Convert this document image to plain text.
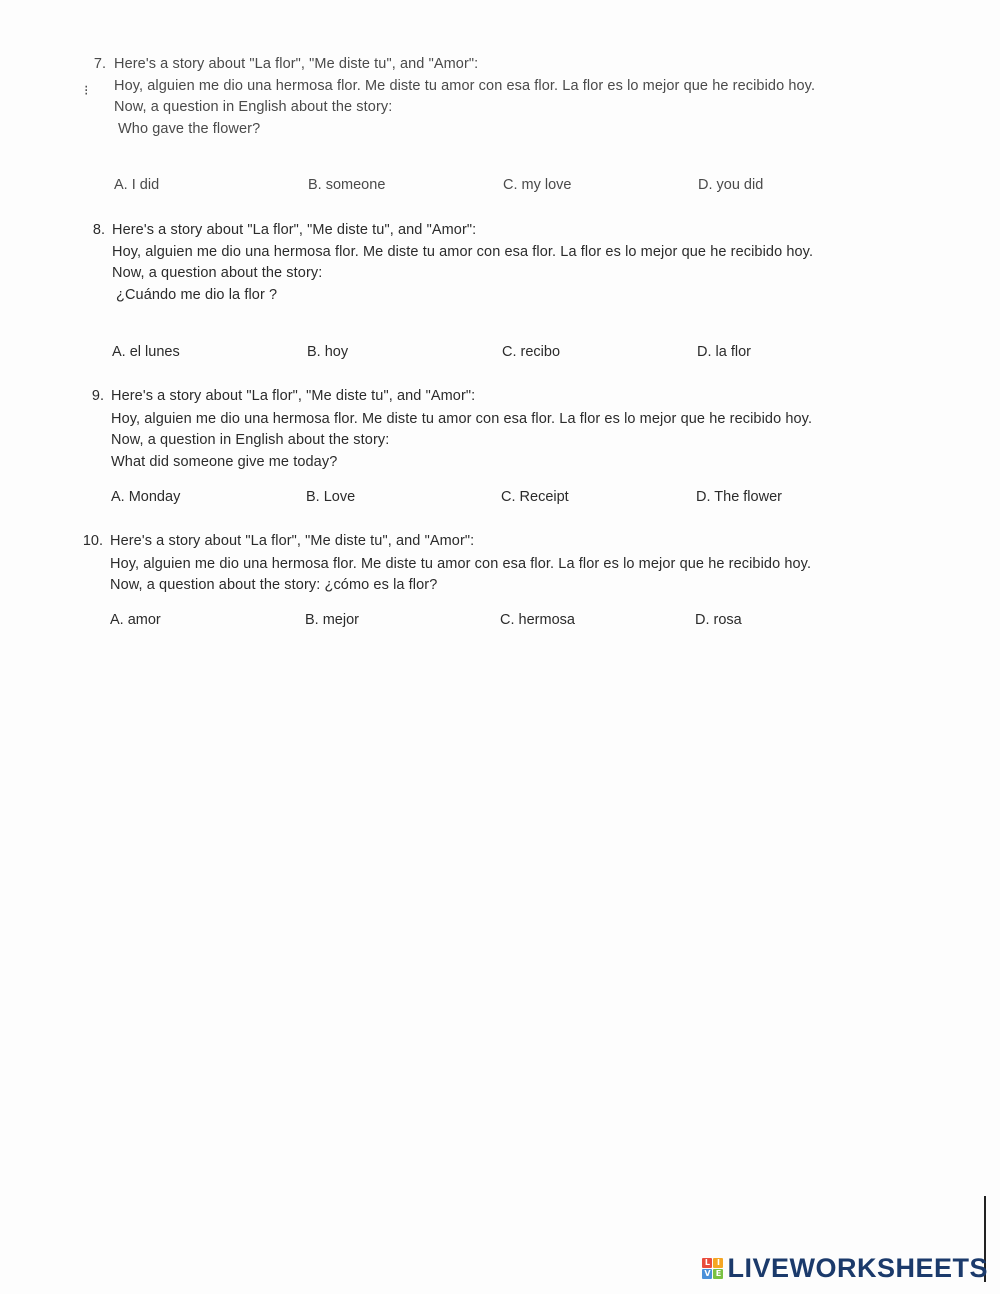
⁝
7. Here's a story about "La flor", "Me diste tu", and "Amor":
Hoy, alguien me dio una hermosa flor. Me diste tu amor con esa flor. La flor es lo mejor que he recibido hoy.
Now, a question in English about the story:
Who gave the flower?
A. I did	B. someone	C. my love	D. you did
8. Here's a story about "La flor", "Me diste tu", and "Amor":
Hoy, alguien me dio una hermosa flor. Me diste tu amor con esa flor. La flor es lo mejor que he recibido hoy.
Now, a question about the story:
¿Cuándo me dio la flor ?
A. el lunes	B. hoy	C. recibo	D. la flor
9. Here's a story about "La flor", "Me diste tu", and "Amor":
Hoy, alguien me dio una hermosa flor. Me diste tu amor con esa flor. La flor es lo mejor que he recibido hoy.
Now, a question in English about the story:
What did someone give me today?
A. Monday	B. Love	C. Receipt	D. The flower
10. Here's a story about "La flor", "Me diste tu", and "Amor":
Hoy, alguien me dio una hermosa flor. Me diste tu amor con esa flor. La flor es lo mejor que he recibido hoy.
Now, a question about the story: ¿cómo es la flor?
A. amor	B. mejor	C. hermosa	D. rosa
L I
V E LIVEWORKSHEETS
